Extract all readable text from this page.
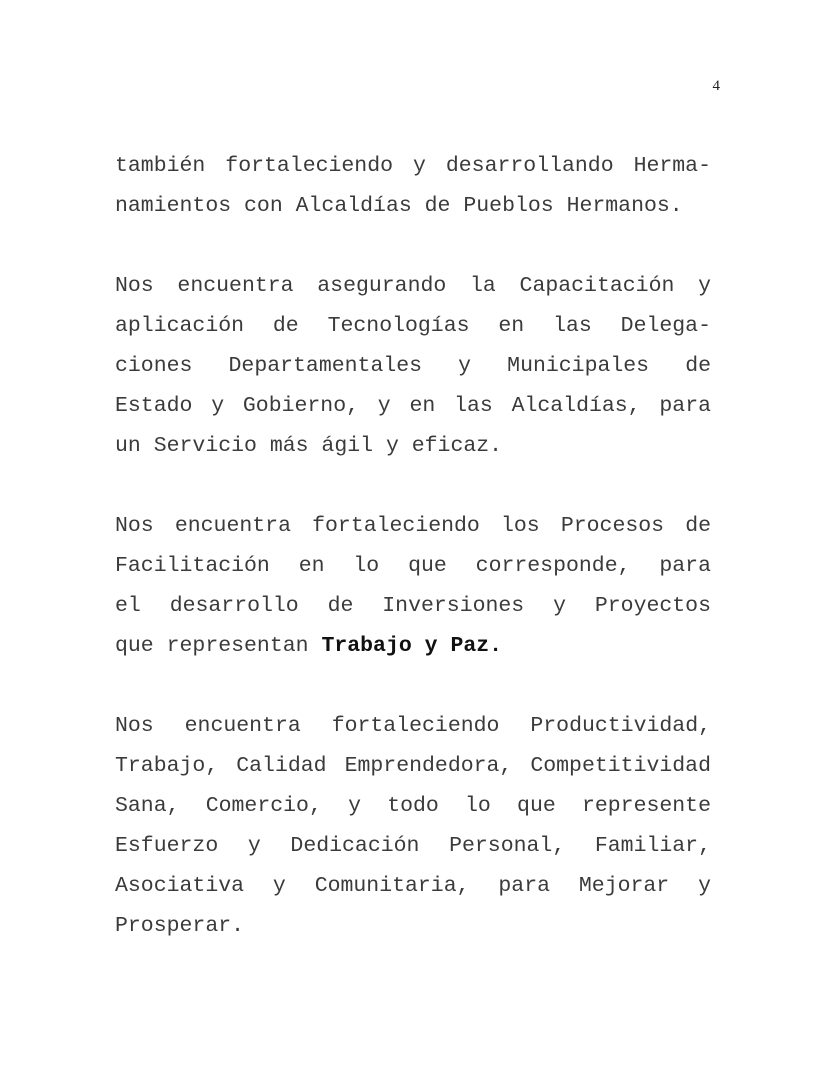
4
también fortaleciendo y desarrollando Herma-
namientos con Alcaldías de Pueblos Hermanos.
Nos encuentra asegurando la Capacitación y
aplicación de Tecnologías en las Delega-
ciones Departamentales y Municipales de
Estado y Gobierno, y en las Alcaldías, para
un Servicio más ágil y eficaz.
Nos encuentra fortaleciendo los Procesos de
Facilitación en lo que corresponde, para
el desarrollo de Inversiones y Proyectos
que representan Trabajo y Paz.
Nos encuentra fortaleciendo Productividad,
Trabajo, Calidad Emprendedora, Competitividad
Sana, Comercio, y todo lo que represente
Esfuerzo y Dedicación Personal, Familiar,
Asociativa y Comunitaria, para Mejorar y
Prosperar.
